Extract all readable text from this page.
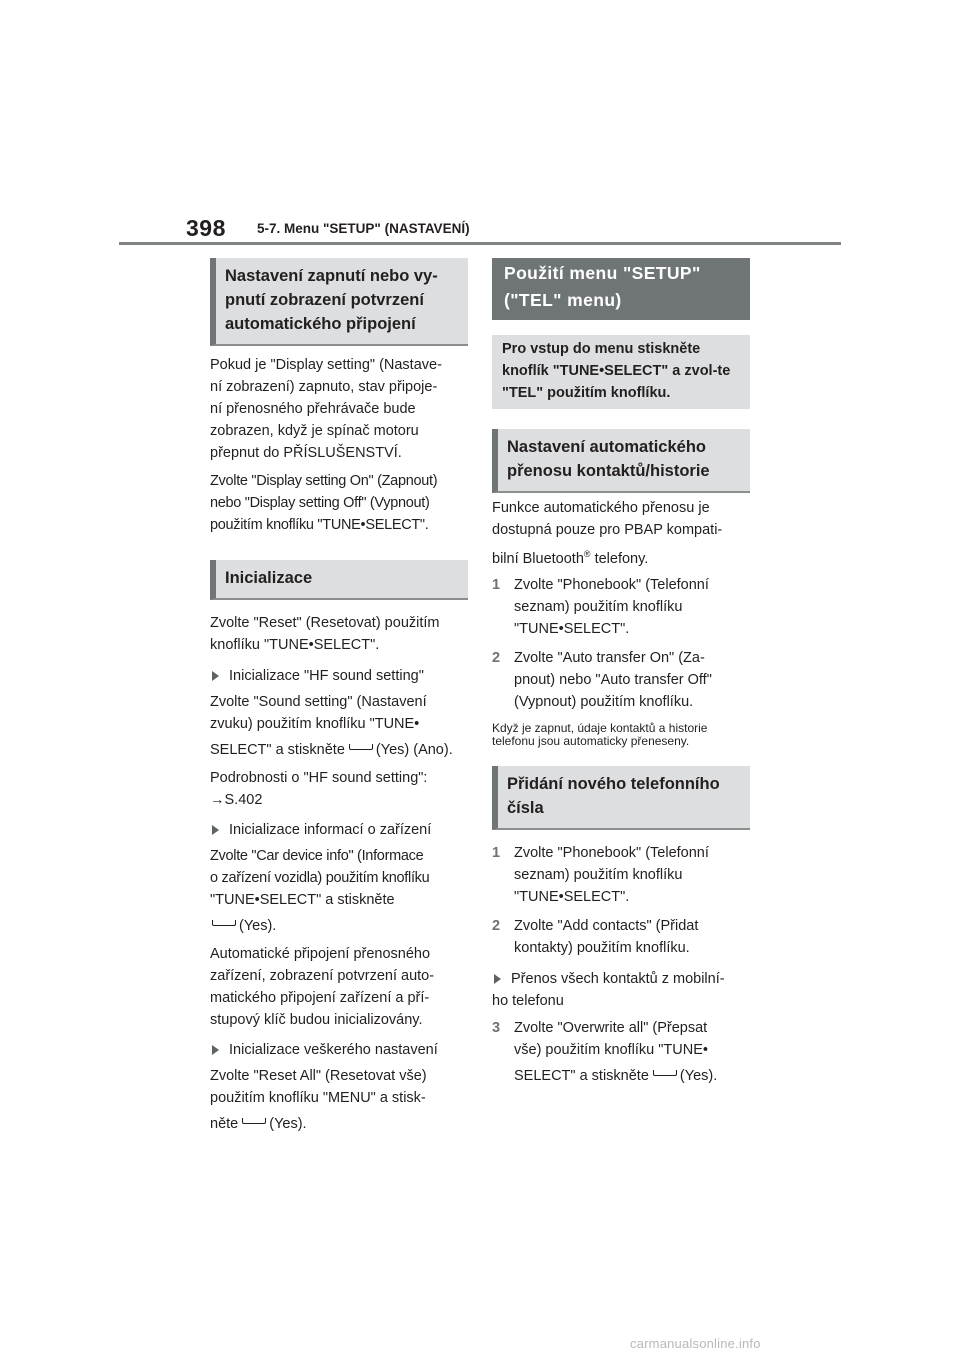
398 5-7. Menu "SETUP" (NASTAVENÍ)
Nastavení zapnutí nebo vy-pnutí zobrazení potvrzení automatického připojení

Pokud je "Display setting" (Nastave-

ní zobrazení) zapnuto, stav připoje-

ní přenosného přehrávače bude

zobrazen, když je spínač motoru

přepnut do PŘÍSLUŠENSTVÍ.

Zvolte "Display setting On" (Zapnout)

nebo "Display setting Off" (Vypnout)

použitím knoflíku "TUNE•SELECT".

Inicializace

Zvolte "Reset" (Resetovat) použitím

knoflíku "TUNE•SELECT".

Inicializace "HF sound setting"

Zvolte "Sound setting" (Nastavení

zvuku) použitím knoflíku "TUNE•

SELECT" a stiskněte (Yes) (Ano).

Podrobnosti o "HF sound setting":

→S.402

Inicializace informací o zařízení

Zvolte "Car device info" (Informace

o zařízení vozidla) použitím knoflíku

"TUNE•SELECT" a stiskněte

(Yes).

Automatické připojení přenosného

zařízení, zobrazení potvrzení auto-

matického připojení zařízení a pří-

stupový klíč budou inicializovány.

Inicializace veškerého nastavení

Zvolte "Reset All" (Resetovat vše)

použitím knoflíku "MENU" a stisk-

něte (Yes).

Použití menu "SETUP" ("TEL" menu)
Pro vstup do menu stiskněte knoflík "TUNE•SELECT" a zvol-te "TEL" použitím knoflíku.
Nastavení automatického přenosu kontaktů/historie

Funkce automatického přenosu je

dostupná pouze pro PBAP kompati-

bilní Bluetooth® telefony.

1 Zvolte "Phonebook" (Telefonní
seznam) použitím knoflíku
"TUNE•SELECT".
2 Zvolte "Auto transfer On" (Za-
pnout) nebo "Auto transfer Off"
(Vypnout) použitím knoflíku.

Když je zapnut, údaje kontaktů a historie

telefonu jsou automaticky přeneseny.

Přidání nového telefonního čísla
1 Zvolte "Phonebook" (Telefonní
seznam) použitím knoflíku
"TUNE•SELECT".
2 Zvolte "Add contacts" (Přidat
kontakty) použitím knoflíku.
Přenos všech kontaktů z mobilní-
ho telefonu
3 Zvolte "Overwrite all" (Přepsat
vše) použitím knoflíku "TUNE•
SELECT" a stiskněte (Yes).
carmanualsonline.info
